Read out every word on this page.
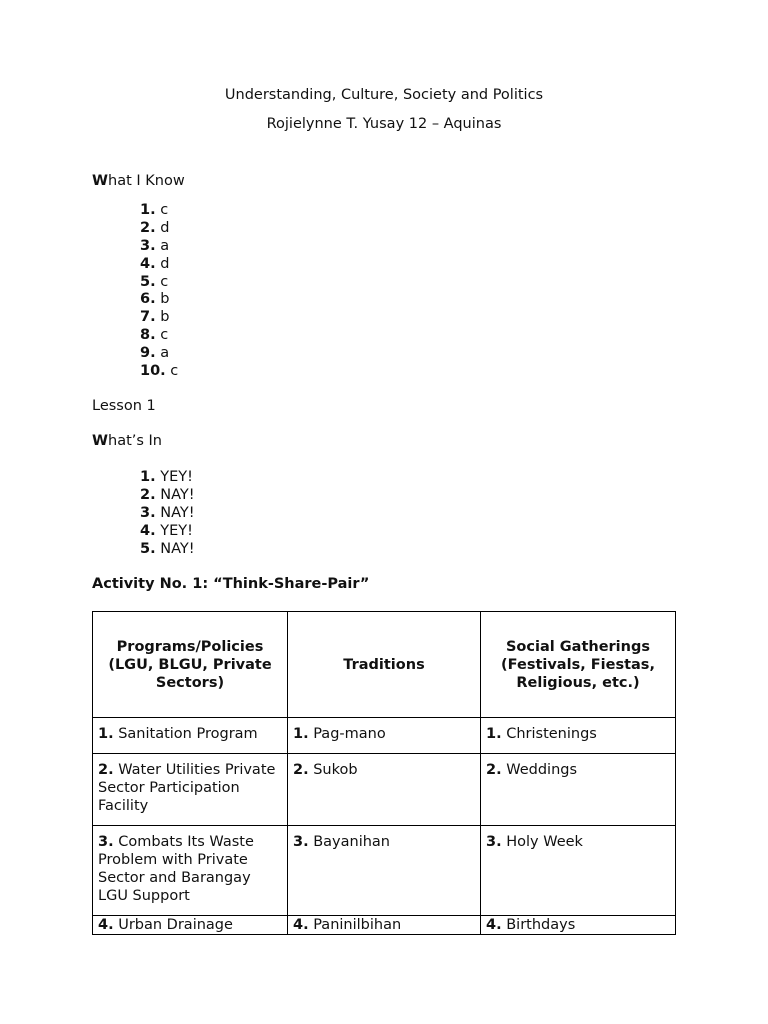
Understanding, Culture, Society and Politics
Rojielynne T. Yusay 12 – Aquinas
What I Know
1. c
2. d
3. a
4. d
5. c
6. b
7. b
8. c
9. a
10. c
Lesson 1
What’s In
1. YEY!
2. NAY!
3. NAY!
4. YEY!
5. NAY!
Activity No. 1: “Think-Share-Pair”
Programs/Policies (LGU, BLGU, Private Sectors)	Traditions	Social Gatherings (Festivals, Fiestas, Religious, etc.)
1. Sanitation Program	1. Pag-mano	1. Christenings
2. Water Utilities Private Sector Participation Facility	2. Sukob	2. Weddings
3. Combats Its Waste Problem with Private Sector and Barangay LGU Support	3. Bayanihan	3. Holy Week
4. Urban Drainage	4. Paninilbihan	4. Birthdays
